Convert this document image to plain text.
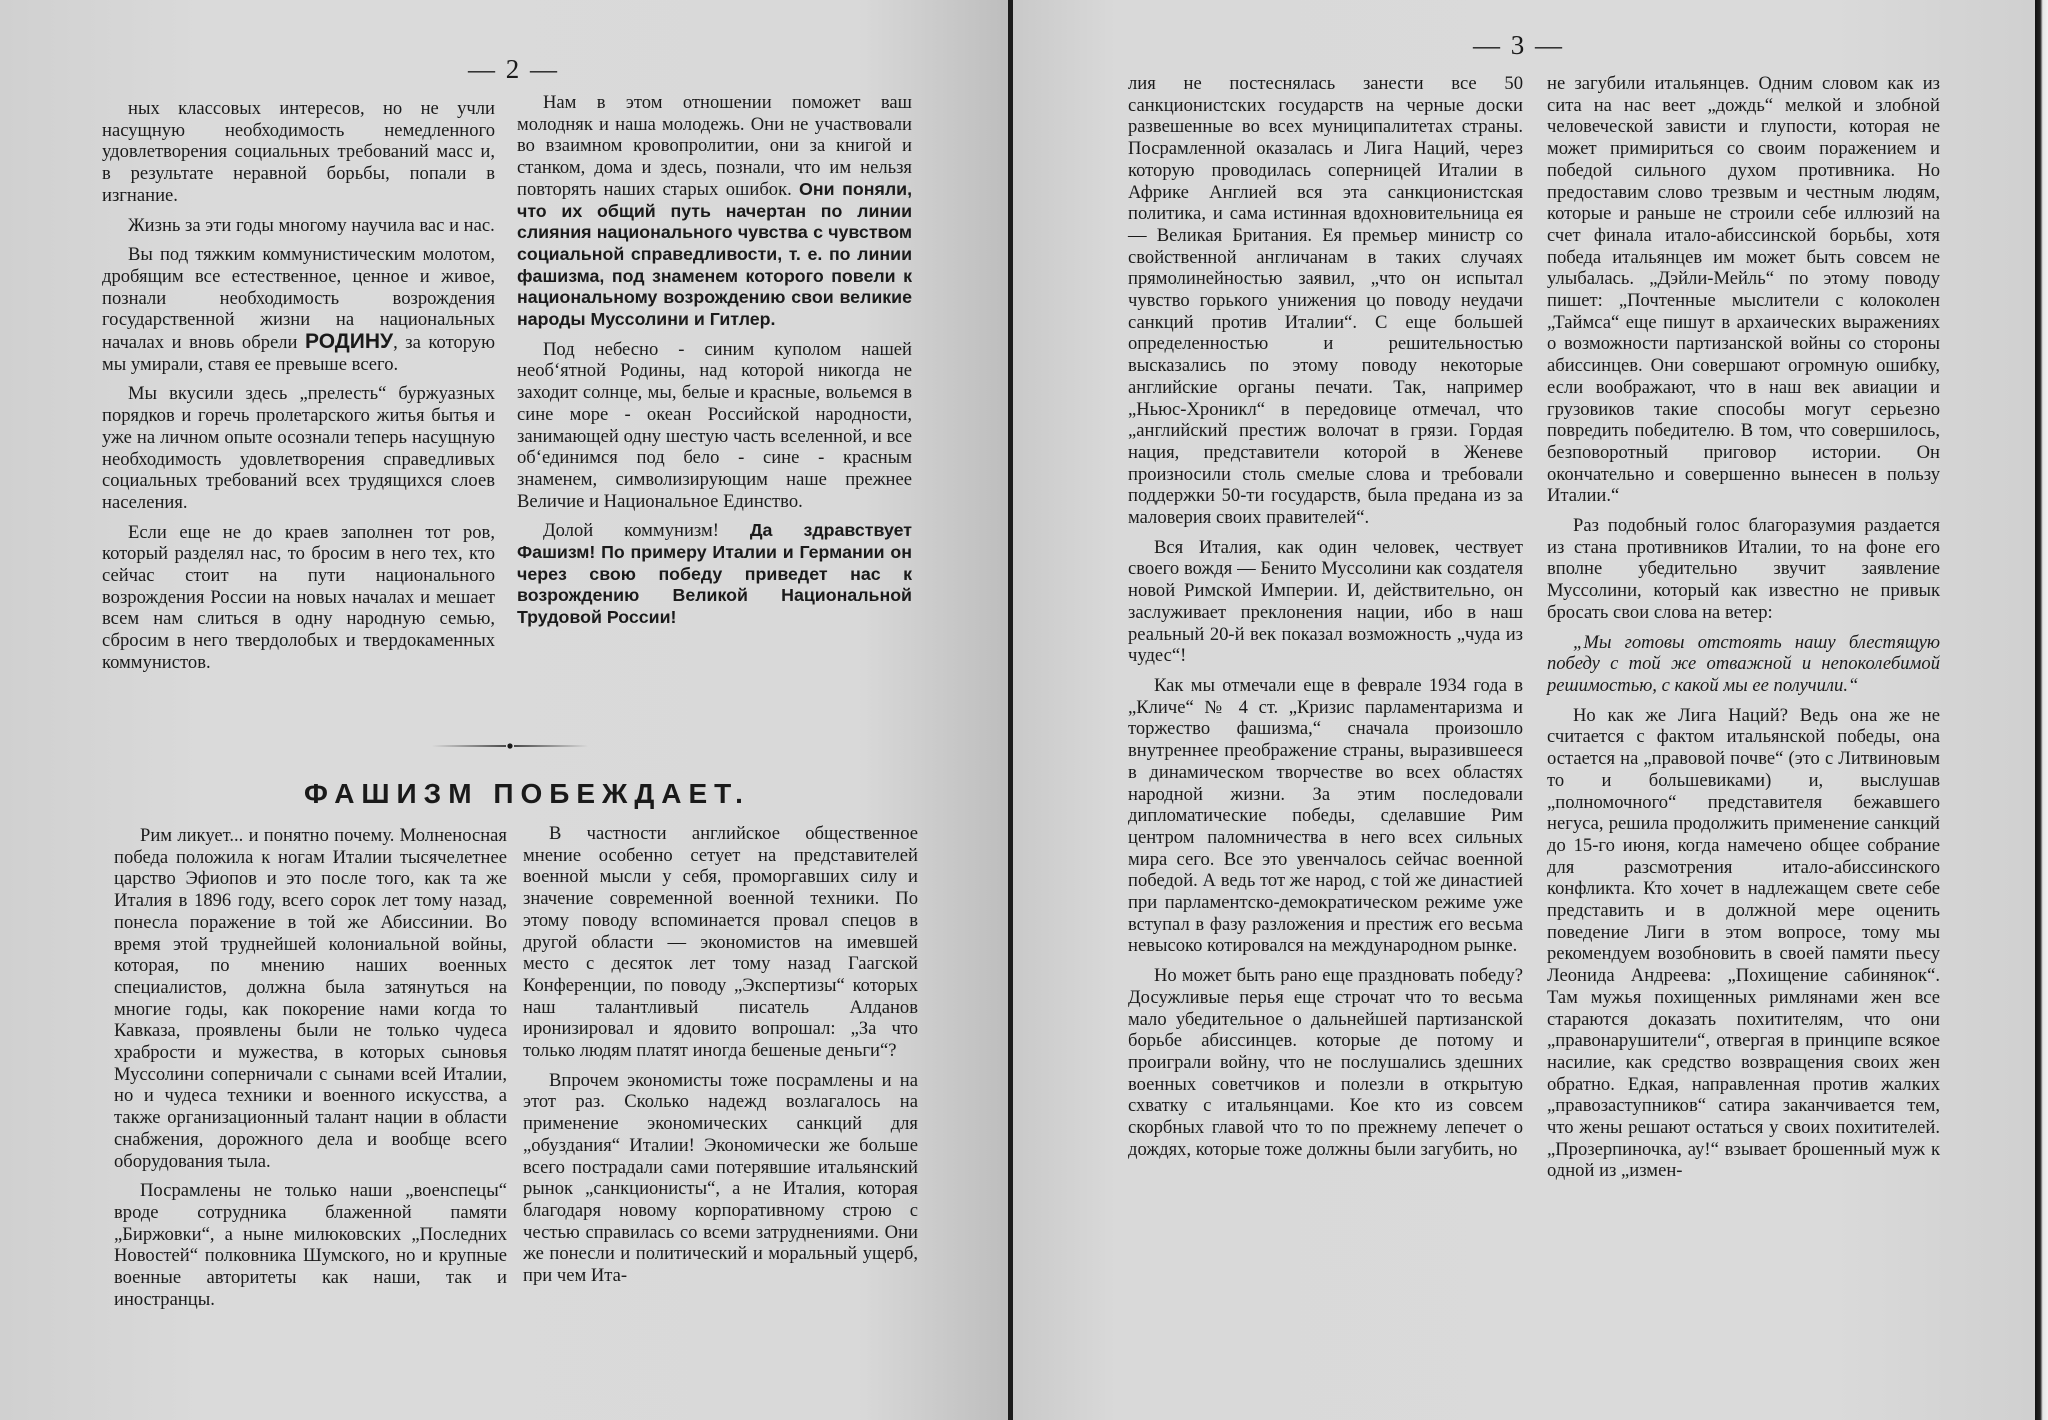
— 2 —

ных классовых интересов, но не учли насущную необходимость немедленного удовлетворения социальных требований масс и, в результате неравной борьбы, попали в изгнание.

Жизнь за эти годы многому научила вас и нас.

Вы под тяжким коммунистическим молотом, дробящим все естественное, ценное и живое, познали необходимость возрождения государственной жизни на национальных началах и вновь обрели РОДИНУ, за которую мы умирали, ставя ее превыше всего.

Мы вкусили здесь „прелесть“ буржуазных порядков и горечь пролетарского житья бытья и уже на личном опыте осознали теперь насущную необходимость удовлетворения справедливых социальных требований всех трудящихся слоев населения.

Если еще не до краев заполнен тот ров, который разделял нас, то бросим в него тех, кто сейчас стоит на пути национального возрождения России на новых началах и мешает всем нам слиться в одну народную семью, сбросим в него твердолобых и твердокаменных коммунистов.

Нам в этом отношении поможет ваш молодняк и наша молодежь. Они не участвовали во взаимном кровопролитии, они за книгой и станком, дома и здесь, познали, что им нельзя повторять наших старых ошибок. Они поняли, что их общий путь начертан по линии слияния национального чувства с чувством социальной справедливости, т. е. по линии фашизма, под знаменем которого повели к национальному возрождению свои великие народы Муссолини и Гитлер.

Под небесно - синим куполом нашей необ‘ятной Родины, над которой никогда не заходит солнце, мы, белые и красные, вольемся в сине море - океан Российской народности, занимающей одну шестую часть вселенной, и все об‘единимся под бело - сине - красным знаменем, символизирующим наше прежнее Величие и Национальное Единство.

Долой коммунизм! Да здравствует Фашизм! По примеру Италии и Германии он через свою победу приведет нас к возрождению Великой Национальной Трудовой России!

ФАШИЗМ ПОБЕЖДАЕТ.

Рим ликует... и понятно почему. Молненосная победа положила к ногам Италии тысячелетнее царство Эфиопов и это после того, как та же Италия в 1896 году, всего сорок лет тому назад, понесла поражение в той же Абиссинии. Во время этой труднейшей колониальной войны, которая, по мнению наших военных специалистов, должна была затянуться на многие годы, как покорение нами когда то Кавказа, проявлены были не только чудеса храбрости и мужества, в которых сыновья Муссолини соперничали с сынами всей Италии, но и чудеса техники и военного искусства, а также организационный талант нации в области снабжения, дорожного дела и вообще всего оборудования тыла.

Посрамлены не только наши „военспецы“ вроде сотрудника блаженной памяти „Биржовки“, а ныне милюковских „Последних Новостей“ полковника Шумского, но и крупные военные авторитеты как наши, так и иностранцы.

В частности английское общественное мнение особенно сетует на представителей военной мысли у себя, проморгавших силу и значение современной военной техники. По этому поводу вспоминается провал спецов в другой области — экономистов на имевшей место с десяток лет тому назад Гаагской Конференции, по поводу „Экспертизы“ которых наш талантливый писатель Алданов иронизировал и ядовито вопрошал: „За что только людям платят иногда бешеные деньги“?

Впрочем экономисты тоже посрамлены и на этот раз. Сколько надежд возлагалось на применение экономических санкций для „обуздания“ Италии! Экономически же больше всего пострадали сами потерявшие итальянский рынок „санкционисты“, а не Италия, которая благодаря новому корпоративному строю с честью справилась со всеми затруднениями. Они же понесли и политический и моральный ущерб, при чем Ита-

— 3 —

лия не постеснялась занести все 50 санкционистских государств на черные доски развешенные во всех муниципалитетах страны. Посрамленной оказалась и Лига Наций, через которую проводилась соперницей Италии в Африке Англией вся эта санкционистская политика, и сама истинная вдохновительница ея — Великая Британия. Ея премьер министр со свойственной англичанам в таких случаях прямолинейностью заявил, „что он испытал чувство горького унижения цо поводу неудачи санкций против Италии“. С еще большей определенностью и решительностью высказались по этому поводу некоторые английские органы печати. Так, например „Ньюс-Хроникл“ в передовице отмечал, что „английский престиж волочат в грязи. Гордая нация, представители которой в Женеве произносили столь смелые слова и требовали поддержки 50-ти государств, была предана из за маловерия своих правителей“.

Вся Италия, как один человек, чествует своего вождя — Бенито Муссолини как создателя новой Римской Империи. И, действительно, он заслуживает преклонения нации, ибо в наш реальный 20-й век показал возможность „чуда из чудес“!

Как мы отмечали еще в феврале 1934 года в „Кличе“ № 4 ст. „Кризис парламентаризма и торжество фашизма,“ сначала произошло внутреннее преображение страны, выразившееся в динамическом творчестве во всех областях народной жизни. За этим последовали дипломатические победы, сделавшие Рим центром паломничества в него всех сильных мира сего. Все это увенчалось сейчас военной победой. А ведь тот же народ, с той же династией при парламентско-демократическом режиме уже вступал в фазу разложения и престиж его весьма невысоко котировался на международном рынке.

Но может быть рано еще праздновать победу? Досужливые перья еще строчат что то весьма мало убедительное о дальнейшей партизанской борьбе абиссинцев. которые де потому и проиграли войну, что не послушались здешних военных советчиков и полезли в открытую схватку с итальянцами. Кое кто из совсем скорбных главой что то по прежнему лепечет о дождях, которые тоже должны были загубить, но

не загубили итальянцев. Одним словом как из сита на нас веет „дождь“ мелкой и злобной человеческой зависти и глупости, которая не может примириться со своим поражением и победой сильного духом противника. Но предоставим слово трезвым и честным людям, которые и раньше не строили себе иллюзий на счет финала итало-абиссинской борьбы, хотя победа итальянцев им может быть совсем не улыбалась. „Дэйли-Мейль“ по этому поводу пишет: „Почтенные мыслители с колоколен „Таймса“ еще пишут в архаических выражениях о возможности партизанской войны со стороны абиссинцев. Они совершают огромную ошибку, если воображают, что в наш век авиации и грузовиков такие способы могут серьезно повредить победителю. В том, что совершилось, безповоротный приговор истории. Он окончательно и совершенно вынесен в пользу Италии.“

Раз подобный голос благоразумия раздается из стана противников Италии, то на фоне его вполне убедительно звучит заявление Муссолини, который как известно не привык бросать свои слова на ветер:

„Мы готовы отстоять нашу блестящую победу с той же отважной и непоколебимой решимостью, с какой мы ее получили.“

Но как же Лига Наций? Ведь она же не считается с фактом итальянской победы, она остается на „правовой почве“ (это с Литвиновым то и большевиками) и, выслушав „полномочного“ представителя бежавшего негуса, решила продолжить применение санкций до 15-го июня, когда намечено общее собрание для разсмотрения итало-абиссинского конфликта. Кто хочет в надлежащем свете себе представить и в должной мере оценить поведение Лиги в этом вопросе, тому мы рекомендуем возобновить в своей памяти пьесу Леонида Андреева: „Похищение сабинянок“. Там мужья похищенных римлянами жен все стараются доказать похитителям, что они „правонарушители“, отвергая в принципе всякое насилие, как средство возвращения своих жен обратно. Едкая, направленная против жалких „правозаступников“ сатира заканчивается тем, что жены решают остаться у своих похитителей. „Прозерпиночка, ау!“ взывает брошенный муж к одной из „измен-
